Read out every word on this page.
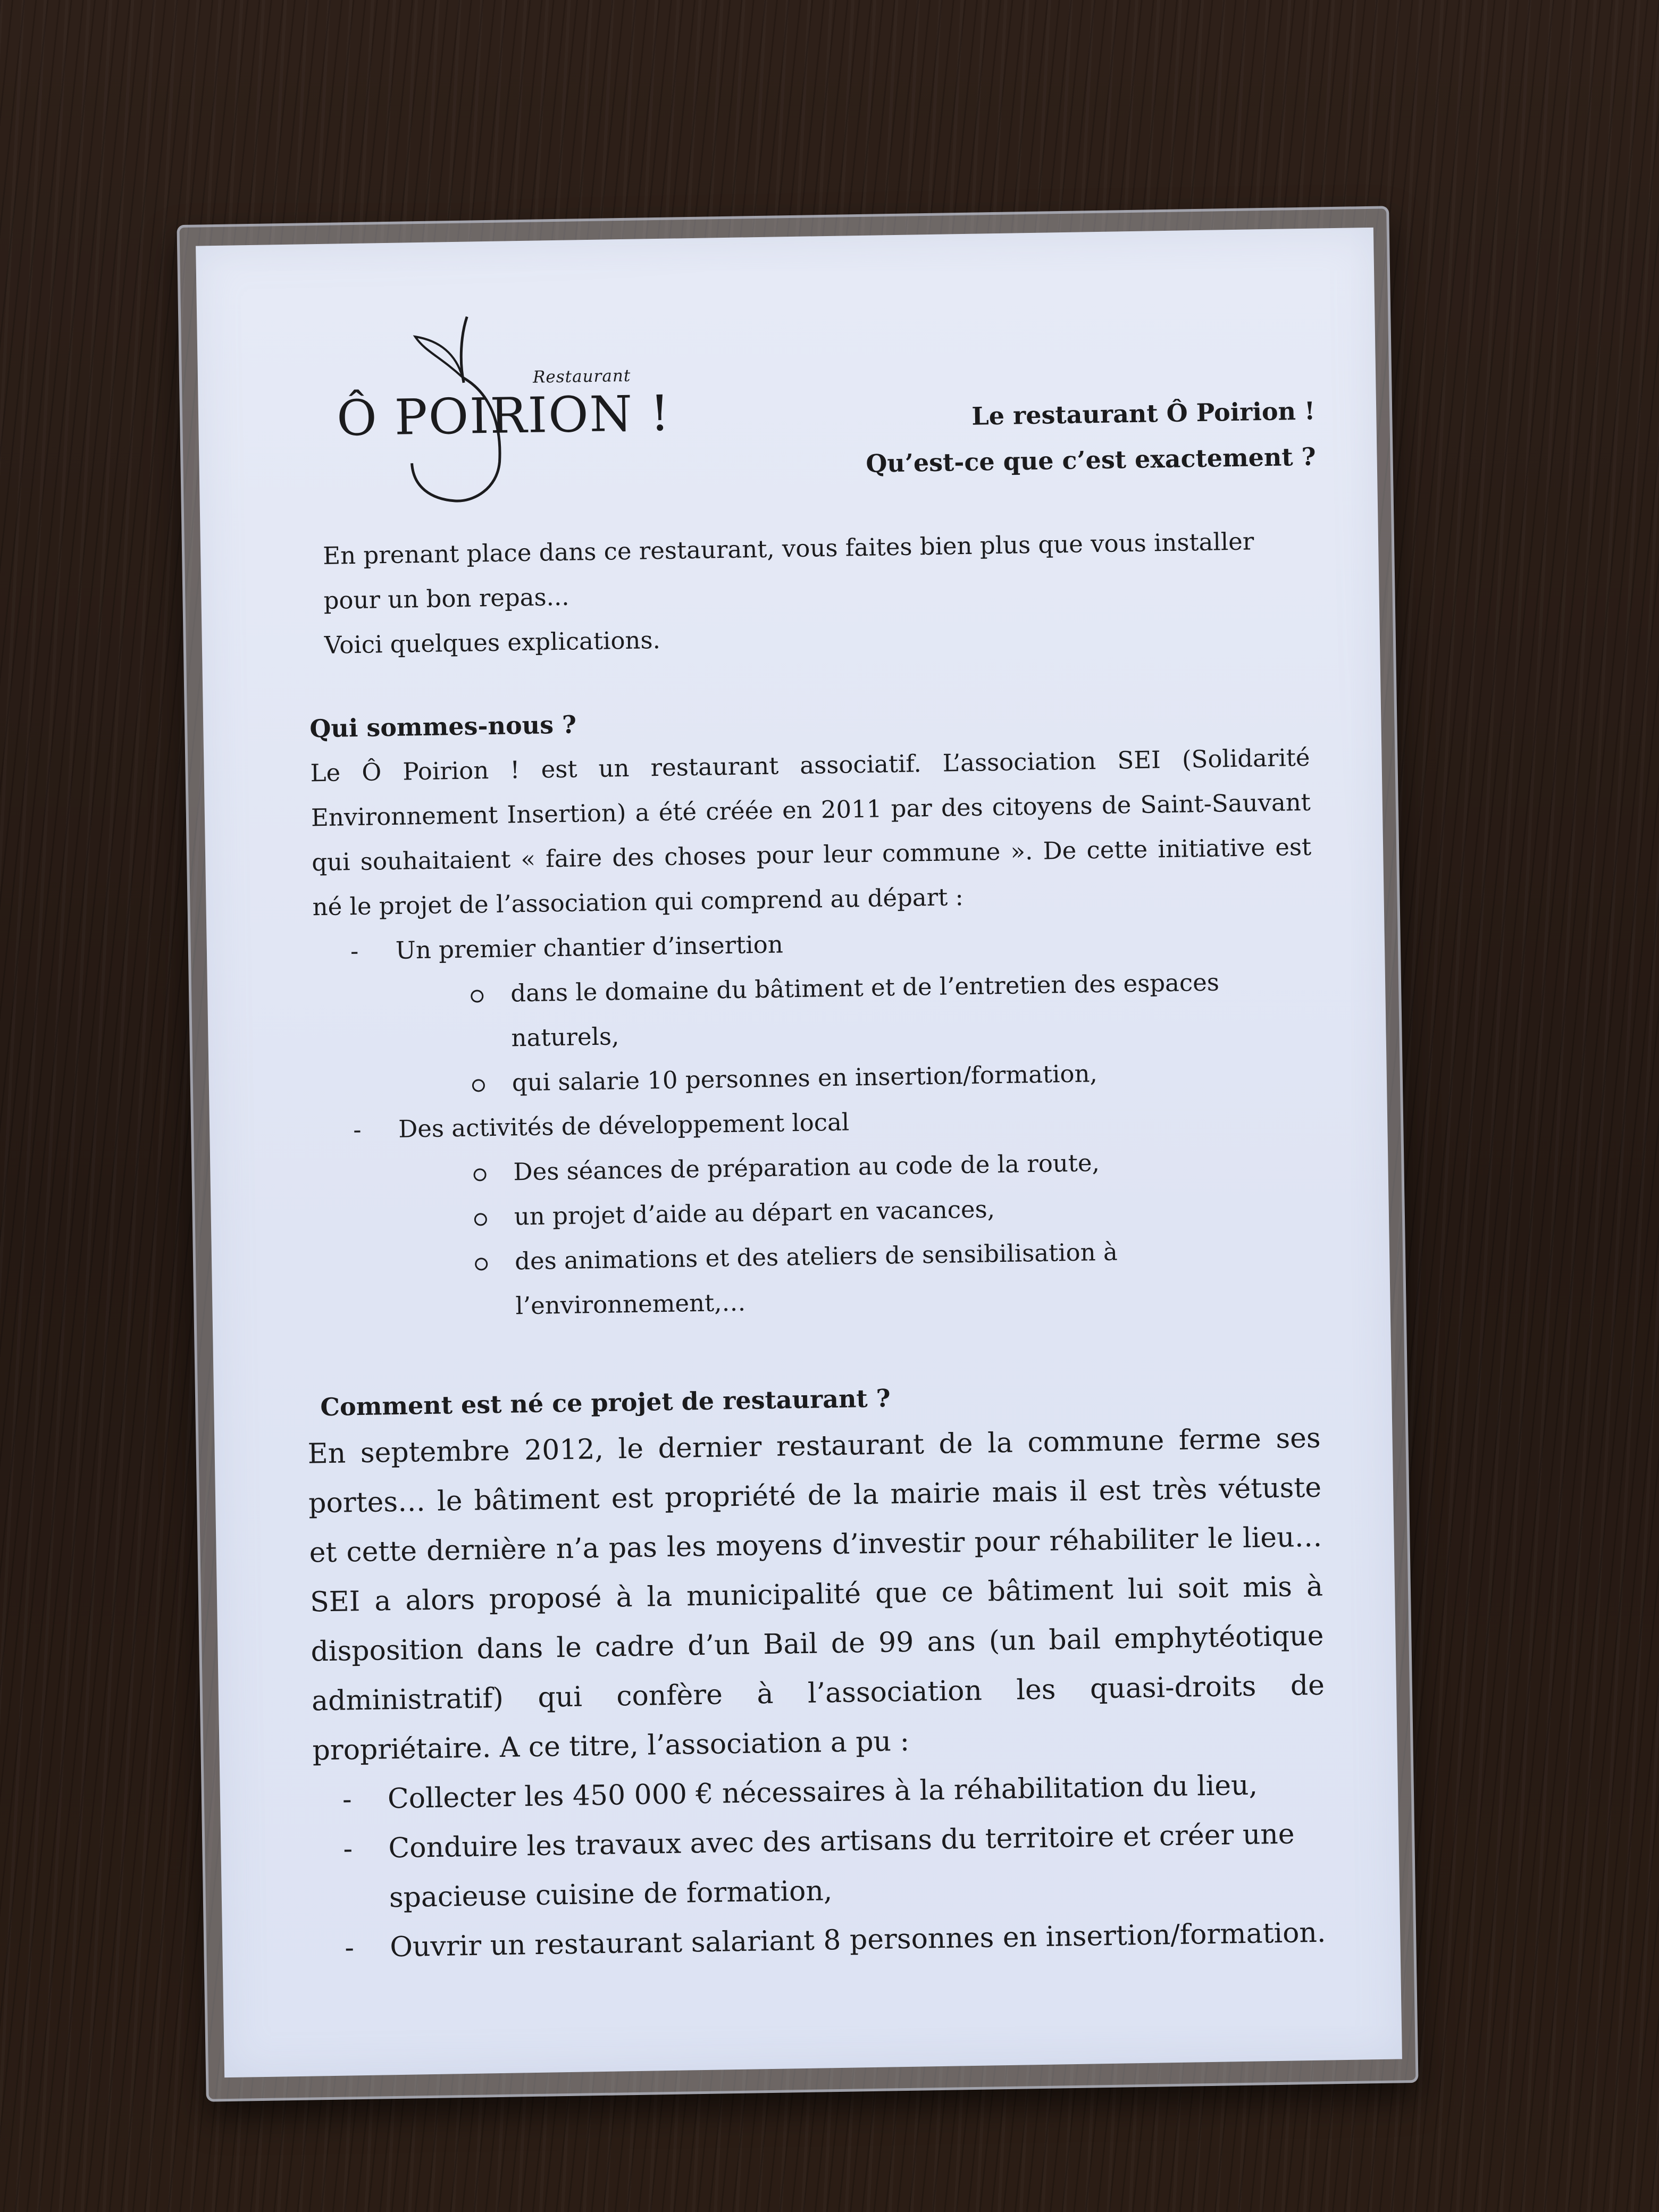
Restaurant
Ô POIRION !	Le restaurant Ô Poirion !
Qu’est-ce que c’est exactement ?

En prenant place dans ce restaurant, vous faites bien plus que vous installer pour un bon repas...

Voici quelques explications.

Qui sommes-nous ?

Le Ô Poirion ! est un restaurant associatif. L’association SEI (Solidarité Environnement Insertion) a été créée en 2011 par des citoyens de Saint-Sauvant qui souhaitaient « faire des choses pour leur commune ». De cette initiative est né le projet de l’association qui comprend au départ :

- Un premier chantier d’insertion
dans le domaine du bâtiment et de l’entretien des espaces naturels,
qui salarie 10 personnes en insertion/formation,
- Des activités de développement local
Des séances de préparation au code de la route,
un projet d’aide au départ en vacances,
des animations et des ateliers de sensibilisation à l’environnement,…

Comment est né ce projet de restaurant ?

En septembre 2012, le dernier restaurant de la commune ferme ses portes… le bâtiment est propriété de la mairie mais il est très vétuste et cette dernière n’a pas les moyens d’investir pour réhabiliter le lieu… SEI a alors proposé à la municipalité que ce bâtiment lui soit mis à disposition dans le cadre d’un Bail de 99 ans (un bail emphytéotique administratif) qui confère à l’association les quasi-droits de propriétaire. A ce titre, l’association a pu :

- Collecter les 450 000 € nécessaires à la réhabilitation du lieu,
- Conduire les travaux avec des artisans du territoire et créer une spacieuse cuisine de formation,
- Ouvrir un restaurant salariant 8 personnes en insertion/formation.
